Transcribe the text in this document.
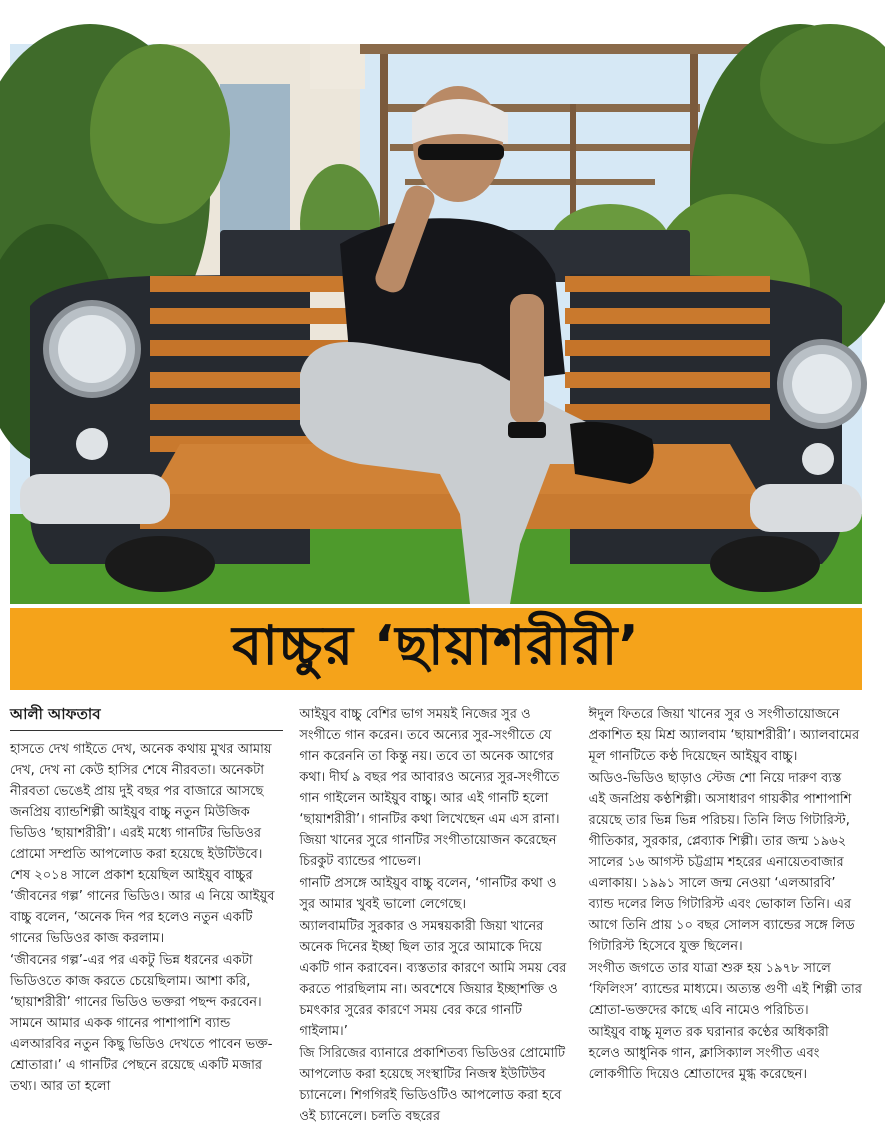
বাচ্চুর ‘ছায়াশরীরী’
আলী আফতাব

হাসতে দেখ গাইতে দেখ, অনেক কথায় মুখর আমায় দেখ, দেখ না কেউ হাসির শেষে নীরবতা। অনেকটা নীরবতা ভেঙেই প্রায় দুই বছর পর বাজারে আসছে জনপ্রিয় ব্যান্ডশিল্পী আইয়ুব বাচ্চু নতুন মিউজিক ভিডিও ‘ছায়াশরীরী’। এরই মধ্যে গানটির ভিডিওর প্রোমো সম্প্রতি আপলোড করা হয়েছে ইউটিউবে। শেষ ২০১৪ সালে প্রকাশ হয়েছিল আইয়ুব বাচ্চুর ‘জীবনের গল্প’ গানের ভিডিও। আর এ নিয়ে আইয়ুব বাচ্চু বলেন, ‘অনেক দিন পর হলেও নতুন একটি গানের ভিডিওর কাজ করলাম।

‘জীবনের গল্প’-এর পর একটু ভিন্ন ধরনের একটা ভিডিওতে কাজ করতে চেয়েছিলাম। আশা করি, ‘ছায়াশরীরী’ গানের ভিডিও ভক্তরা পছন্দ করবেন। সামনে আমার একক গানের পাশাপাশি ব্যান্ড এলআরবির নতুন কিছু ভিডিও দেখতে পাবেন ভক্ত-শ্রোতারা।’ এ গানটির পেছনে রয়েছে একটি মজার তথ্য। আর তা হলো

আইয়ুব বাচ্চু বেশির ভাগ সময়ই নিজের সুর ও সংগীতে গান করেন। তবে অন্যের সুর-সংগীতে যে গান করেননি তা কিন্তু নয়। তবে তা অনেক আগের কথা। দীর্ঘ ৯ বছর পর আবারও অন্যের সুর-সংগীতে গান গাইলেন আইয়ুব বাচ্চু। আর এই গানটি হলো ‘ছায়াশরীরী’। গানটির কথা লিখেছেন এম এস রানা। জিয়া খানের সুরে গানটির সংগীতায়োজন করেছেন চিরকুট ব্যান্ডের পাভেল।

গানটি প্রসঙ্গে আইয়ুব বাচ্চু বলেন, ‘গানটির কথা ও সুর আমার খুবই ভালো লেগেছে।

অ্যালবামটির সুরকার ও সমন্বয়কারী জিয়া খানের অনেক দিনের ইচ্ছা ছিল তার সুরে আমাকে দিয়ে একটি গান করাবেন। ব্যস্ততার কারণে আমি সময় বের করতে পারছিলাম না। অবশেষে জিয়ার ইচ্ছাশক্তি ও চমৎকার সুরের কারণে সময় বের করে গানটি গাইলাম।’

জি সিরিজের ব্যানারে প্রকাশিতব্য ভিডিওর প্রোমোটি আপলোড করা হয়েছে সংস্থাটির নিজস্ব ইউটিউব চ্যানেলে। শিগগিরই ভিডিওটিও আপলোড করা হবে ওই চ্যানেলে। চলতি বছরের

ঈদুল ফিতরে জিয়া খানের সুর ও সংগীতায়োজনে প্রকাশিত হয় মিশ্র অ্যালবাম ‘ছায়াশরীরী’। অ্যালবামের মূল গানটিতে কণ্ঠ দিয়েছেন আইয়ুব বাচ্চু।

অডিও-ভিডিও ছাড়াও স্টেজ শো নিয়ে দারুণ ব্যস্ত এই জনপ্রিয় কণ্ঠশিল্পী। অসাধারণ গায়কীর পাশাপাশি রয়েছে তার ভিন্ন ভিন্ন পরিচয়। তিনি লিড গিটারিস্ট, গীতিকার, সুরকার, প্লেব্যাক শিল্পী। তার জন্ম ১৯৬২ সালের ১৬ আগস্ট চট্টগ্রাম শহরের এনায়েতবাজার এলাকায়। ১৯৯১ সালে জন্ম নেওয়া ‘এলআরবি’ ব্যান্ড দলের লিড গিটারিস্ট এবং ভোকাল তিনি। এর আগে তিনি প্রায় ১০ বছর সোলস ব্যান্ডের সঙ্গে লিড গিটারিস্ট হিসেবে যুক্ত ছিলেন।

সংগীত জগতে তার যাত্রা শুরু হয় ১৯৭৮ সালে ‘ফিলিংস’ ব্যান্ডের মাধ্যমে। অত্যন্ত গুণী এই শিল্পী তার শ্রোতা-ভক্তদের কাছে এবি নামেও পরিচিত।

আইয়ুব বাচ্চু মূলত রক ঘরানার কণ্ঠের অধিকারী হলেও আধুনিক গান, ক্লাসিক্যাল সংগীত এবং লোকগীতি দিয়েও শ্রোতাদের মুগ্ধ করেছেন।
